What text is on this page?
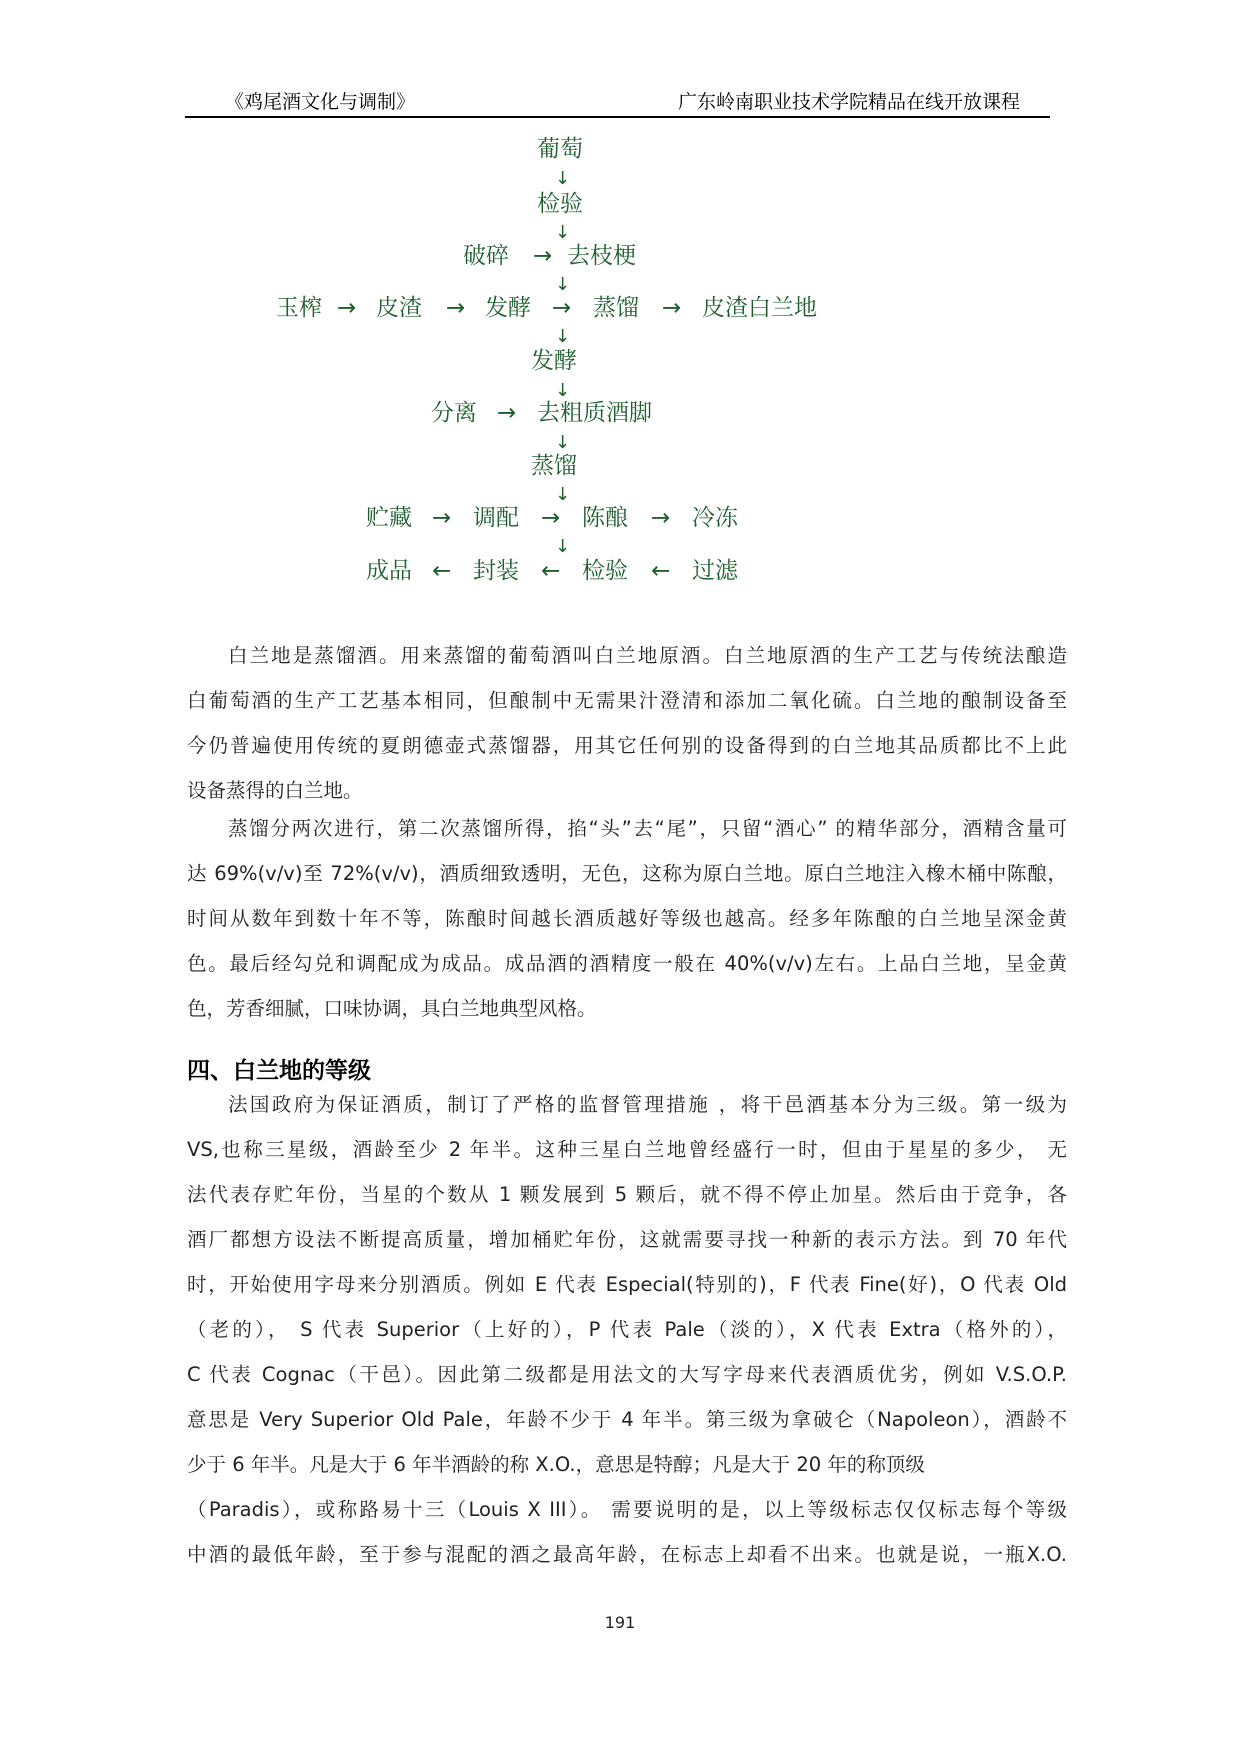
《鸡尾酒文化与调制》	广东岭南职业技术学院精品在线开放课程
葡萄
↓
检验
↓
破碎 → 去枝梗
↓
玉榨 → 皮渣 → 发酵 → 蒸馏 → 皮渣白兰地
↓
发酵
↓
分离 → 去粗质酒脚
↓
蒸馏
↓
贮藏 → 调配 → 陈酿 → 冷冻
↓
成品 ← 封装 ← 检验 ← 过滤
白兰地是蒸馏酒。用来蒸馏的葡萄酒叫白兰地原酒。白兰地原酒的生产工艺与传统法酿造
白葡萄酒的生产工艺基本相同，但酿制中无需果汁澄清和添加二氧化硫。白兰地的酿制设备至
今仍普遍使用传统的夏朗德壶式蒸馏器，用其它任何别的设备得到的白兰地其品质都比不上此
设备蒸得的白兰地。
蒸馏分两次进行，第二次蒸馏所得，掐“头”去“尾”，只留“酒心” 的精华部分，酒精含量可
达 69%(v/v)至 72%(v/v)，酒质细致透明，无色，这称为原白兰地。原白兰地注入橡木桶中陈酿，
时间从数年到数十年不等，陈酿时间越长酒质越好等级也越高。经多年陈酿的白兰地呈深金黄
色。最后经勾兑和调配成为成品。成品酒的酒精度一般在 40%(v/v)左右。上品白兰地，呈金黄
色，芳香细腻，口味协调，具白兰地典型风格。
四、白兰地的等级
法国政府为保证酒质，制订了严格的监督管理措施 ，将干邑酒基本分为三级。第一级为
VS,也称三星级，酒龄至少 2 年半。这种三星白兰地曾经盛行一时，但由于星星的多少， 无
法代表存贮年份，当星的个数从 1 颗发展到 5 颗后，就不得不停止加星。然后由于竞争，各
酒厂都想方设法不断提高质量，增加桶贮年份，这就需要寻找一种新的表示方法。到 70 年代
时，开始使用字母来分别酒质。例如 E 代表 Especial(特别的)，F 代表 Fine(好)，O 代表 Old
（老的）， S 代表 Superior（上好的），P 代表 Pale（淡的），X 代表 Extra（格外的），
C 代表 Cognac（干邑）。因此第二级都是用法文的大写字母来代表酒质优劣，例如 V.S.O.P.
意思是 Very Superior Old Pale，年龄不少于 4 年半。第三级为拿破仑（Napoleon），酒龄不
少于 6 年半。凡是大于 6 年半酒龄的称 X.O.，意思是特醇；凡是大于 20 年的称顶级
（Paradis），或称路易十三（Louis X III）。 需要说明的是，以上等级标志仅仅标志每个等级
中酒的最低年龄，至于参与混配的酒之最高年龄，在标志上却看不出来。也就是说，一瓶X.O.
191
